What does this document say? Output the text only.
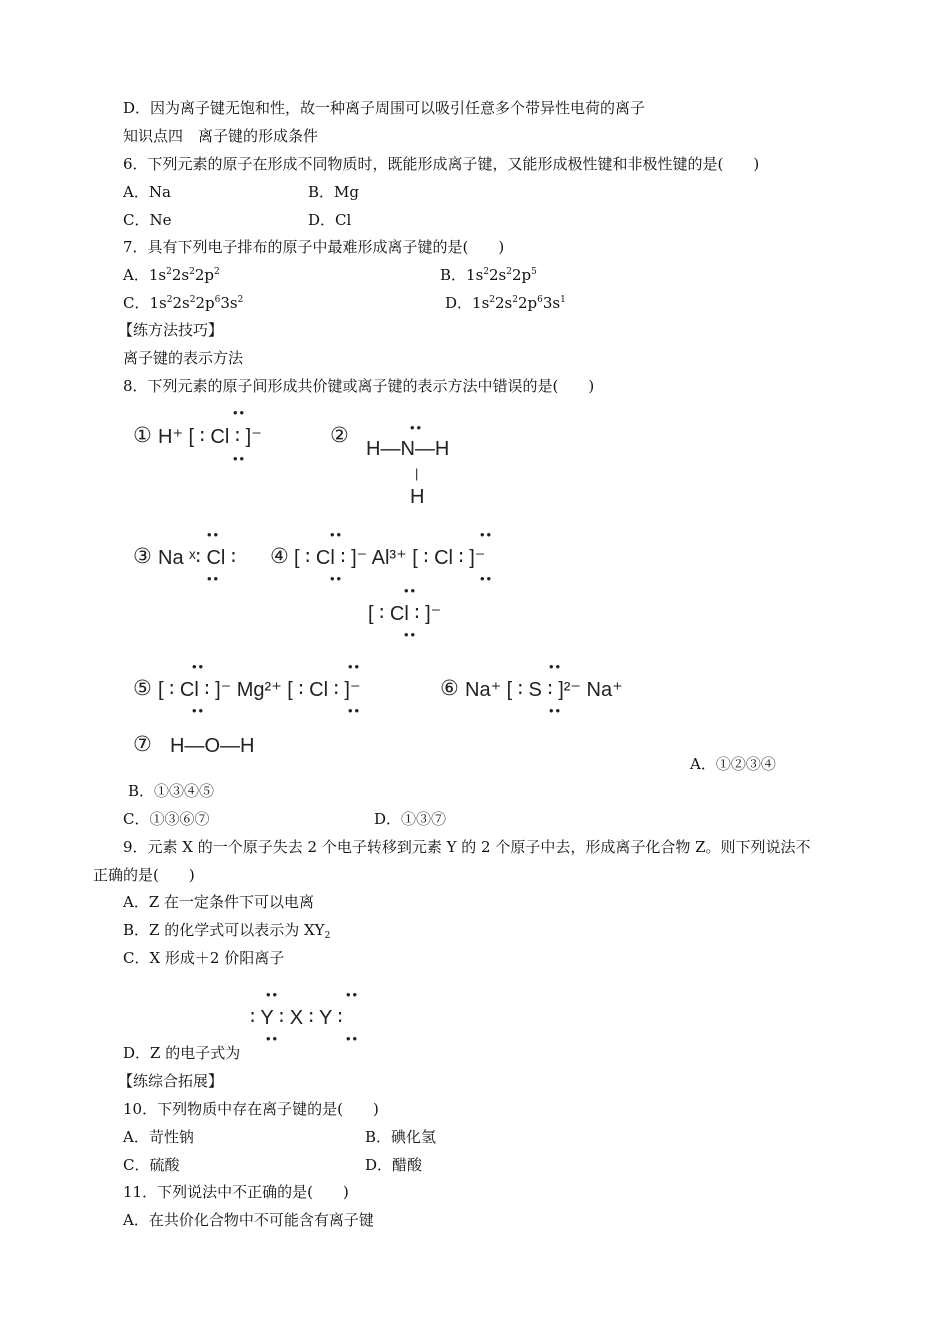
D．因为离子键无饱和性，故一种离子周围可以吸引任意多个带异性电荷的离子
知识点四　离子键的形成条件
6．下列元素的原子在形成不同物质时，既能形成离子键，又能形成极性键和非极性键的是(　　)
A．Na	B．Mg
C．Ne	D．Cl
7．具有下列电子排布的原子中最难形成离子键的是(　　)
A．$1s^22s^22p^2$	B．$1s^22s^22p^5$
C．$1s^22s^22p^63s^2$	D．$1s^22s^22p^63s^1$
【练方法技巧】
离子键的表示方法
8．下列元素的原子间形成共价键或离子键的表示方法中错误的是(　　)
① H⁺ [ ∶ Cl ∶ ]⁻
••
••
②
H—N—H
••
|
H
③ Na ˣ∶ Cl ∶
••
••
④ [ ∶ Cl ∶ ]⁻ Al³⁺ [ ∶ Cl ∶ ]⁻
••
••
••
••
[ ∶ Cl ∶ ]⁻
••
••
⑤ [ ∶ Cl ∶ ]⁻ Mg²⁺ [ ∶ Cl ∶ ]⁻
••
••
••
••
⑥ Na⁺ [ ∶ S ∶ ]²⁻ Na⁺
••
••
⑦ H—O—H
A．①②③④
B．①③④⑤
C．①③⑥⑦	D．①③⑦
9．元素 X 的一个原子失去 2 个电子转移到元素 Y 的 2 个原子中去，形成离子化合物 Z。则下列说法不
正确的是(　　)
A．Z 在一定条件下可以电离
B．Z 的化学式可以表示为 $XY_2$
C．X 形成＋2 价阳离子
∶ Y ∶ X ∶ Y ∶
••
••
••
••
D．Z 的电子式为
【练综合拓展】
10．下列物质中存在离子键的是(　　)
A．苛性钠	B．碘化氢
C．硫酸	D．醋酸
11．下列说法中不正确的是(　　)
A．在共价化合物中不可能含有离子键
